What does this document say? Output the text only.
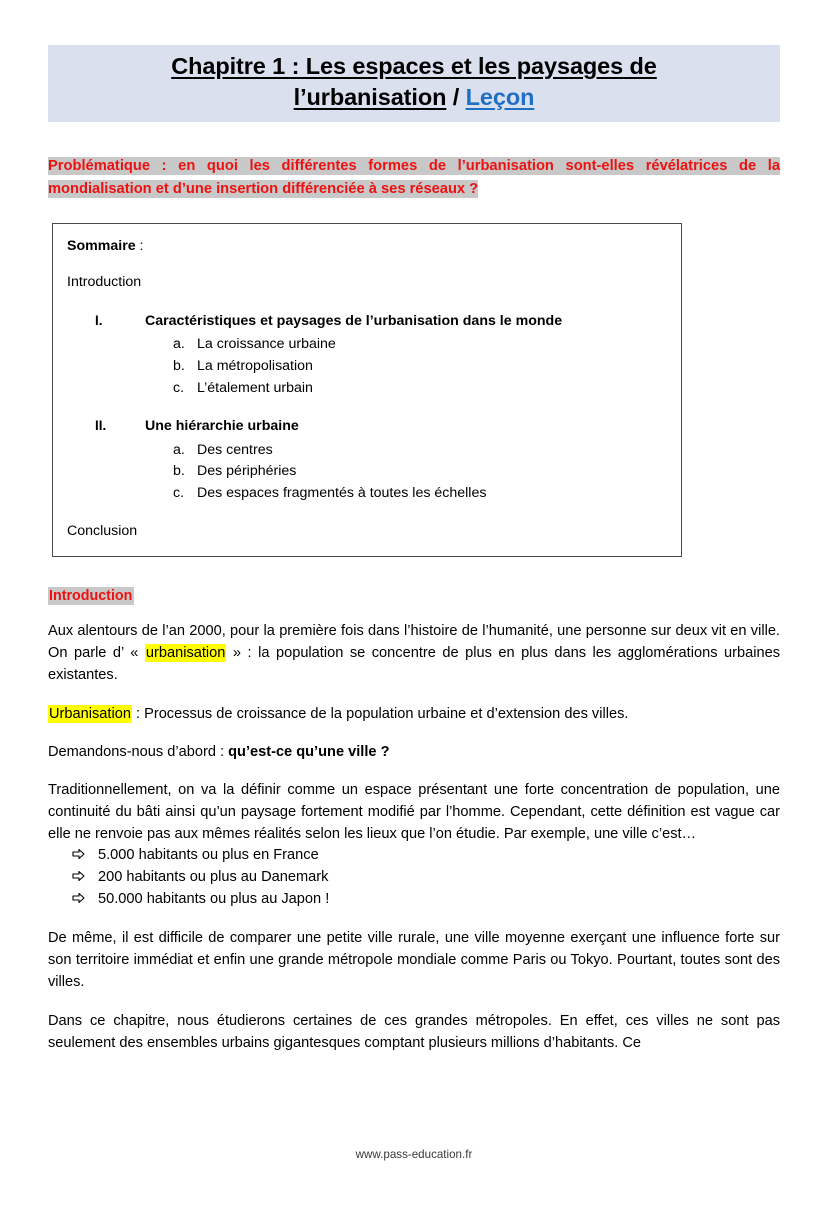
Chapitre 1 : Les espaces et les paysages de
l’urbanisation / Leçon
Problématique : en quoi les différentes formes de l’urbanisation sont-elles révélatrices de la mondialisation et d’une insertion différenciée à ses réseaux ?
Sommaire :
Introduction
I.	Caractéristiques et paysages de l’urbanisation dans le monde
a. La croissance urbaine
b. La métropolisation
c. L’étalement urbain
II.	Une hiérarchie urbaine
a. Des centres
b. Des périphéries
c. Des espaces fragmentés à toutes les échelles
Conclusion
Introduction

Aux alentours de l’an 2000, pour la première fois dans l’histoire de l’humanité, une personne sur deux vit en ville. On parle d’ « urbanisation » : la population se concentre de plus en plus dans les agglomérations urbaines existantes.

Urbanisation : Processus de croissance de la population urbaine et d’extension des villes.

Demandons-nous d’abord : qu’est-ce qu’une ville ?

Traditionnellement, on va la définir comme un espace présentant une forte concentration de population, une continuité du bâti ainsi qu’un paysage fortement modifié par l’homme. Cependant, cette définition est vague car elle ne renvoie pas aux mêmes réalités selon les lieux que l’on étudie. Par exemple, une ville c’est…

5.000 habitants ou plus en France
200 habitants ou plus au Danemark
50.000 habitants ou plus au Japon !

De même, il est difficile de comparer une petite ville rurale, une ville moyenne exerçant une influence forte sur son territoire immédiat et enfin une grande métropole mondiale comme Paris ou Tokyo. Pourtant, toutes sont des villes.

Dans ce chapitre, nous étudierons certaines de ces grandes métropoles. En effet, ces villes ne sont pas seulement des ensembles urbains gigantesques comptant plusieurs millions d’habitants. Ce

www.pass-education.fr
